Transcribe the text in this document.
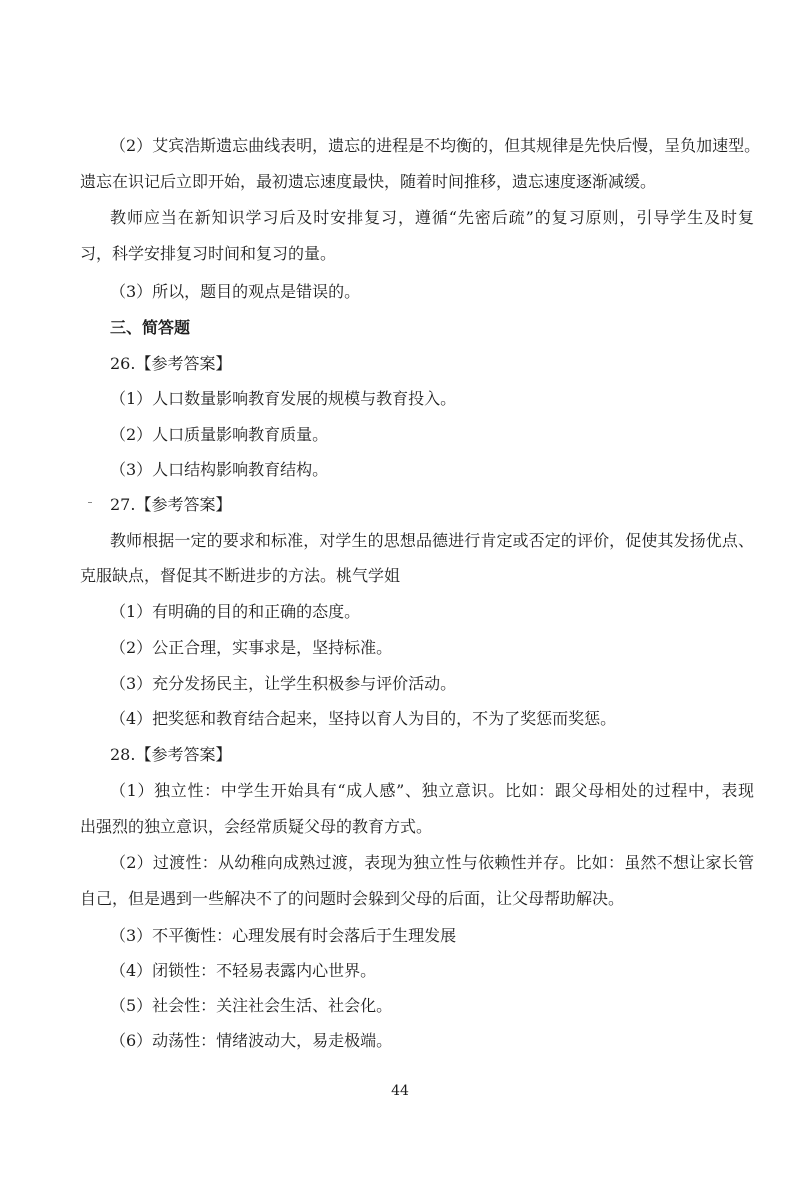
（2）艾宾浩斯遗忘曲线表明，遗忘的进程是不均衡的，但其规律是先快后慢，呈负加速型。
遗忘在识记后立即开始，最初遗忘速度最快，随着时间推移，遗忘速度逐渐减缓。
教师应当在新知识学习后及时安排复习，遵循“先密后疏”的复习原则，引导学生及时复
习，科学安排复习时间和复习的量。
（3）所以，题目的观点是错误的。
三、简答题
26.【参考答案】
（1）人口数量影响教育发展的规模与教育投入。
（2）人口质量影响教育质量。
（3）人口结构影响教育结构。
27.【参考答案】
教师根据一定的要求和标准，对学生的思想品德进行肯定或否定的评价，促使其发扬优点、
克服缺点，督促其不断进步的方法。桃气学姐
（1）有明确的目的和正确的态度。
（2）公正合理，实事求是，坚持标准。
（3）充分发扬民主，让学生积极参与评价活动。
（4）把奖惩和教育结合起来，坚持以育人为目的，不为了奖惩而奖惩。
28.【参考答案】
（1）独立性：中学生开始具有“成人感”、独立意识。比如：跟父母相处的过程中，表现
出强烈的独立意识，会经常质疑父母的教育方式。
（2）过渡性：从幼稚向成熟过渡，表现为独立性与依赖性并存。比如：虽然不想让家长管
自己，但是遇到一些解决不了的问题时会躲到父母的后面，让父母帮助解决。
（3）不平衡性：心理发展有时会落后于生理发展
（4）闭锁性：不轻易表露内心世界。
（5）社会性：关注社会生活、社会化。
（6）动荡性：情绪波动大，易走极端。
44
